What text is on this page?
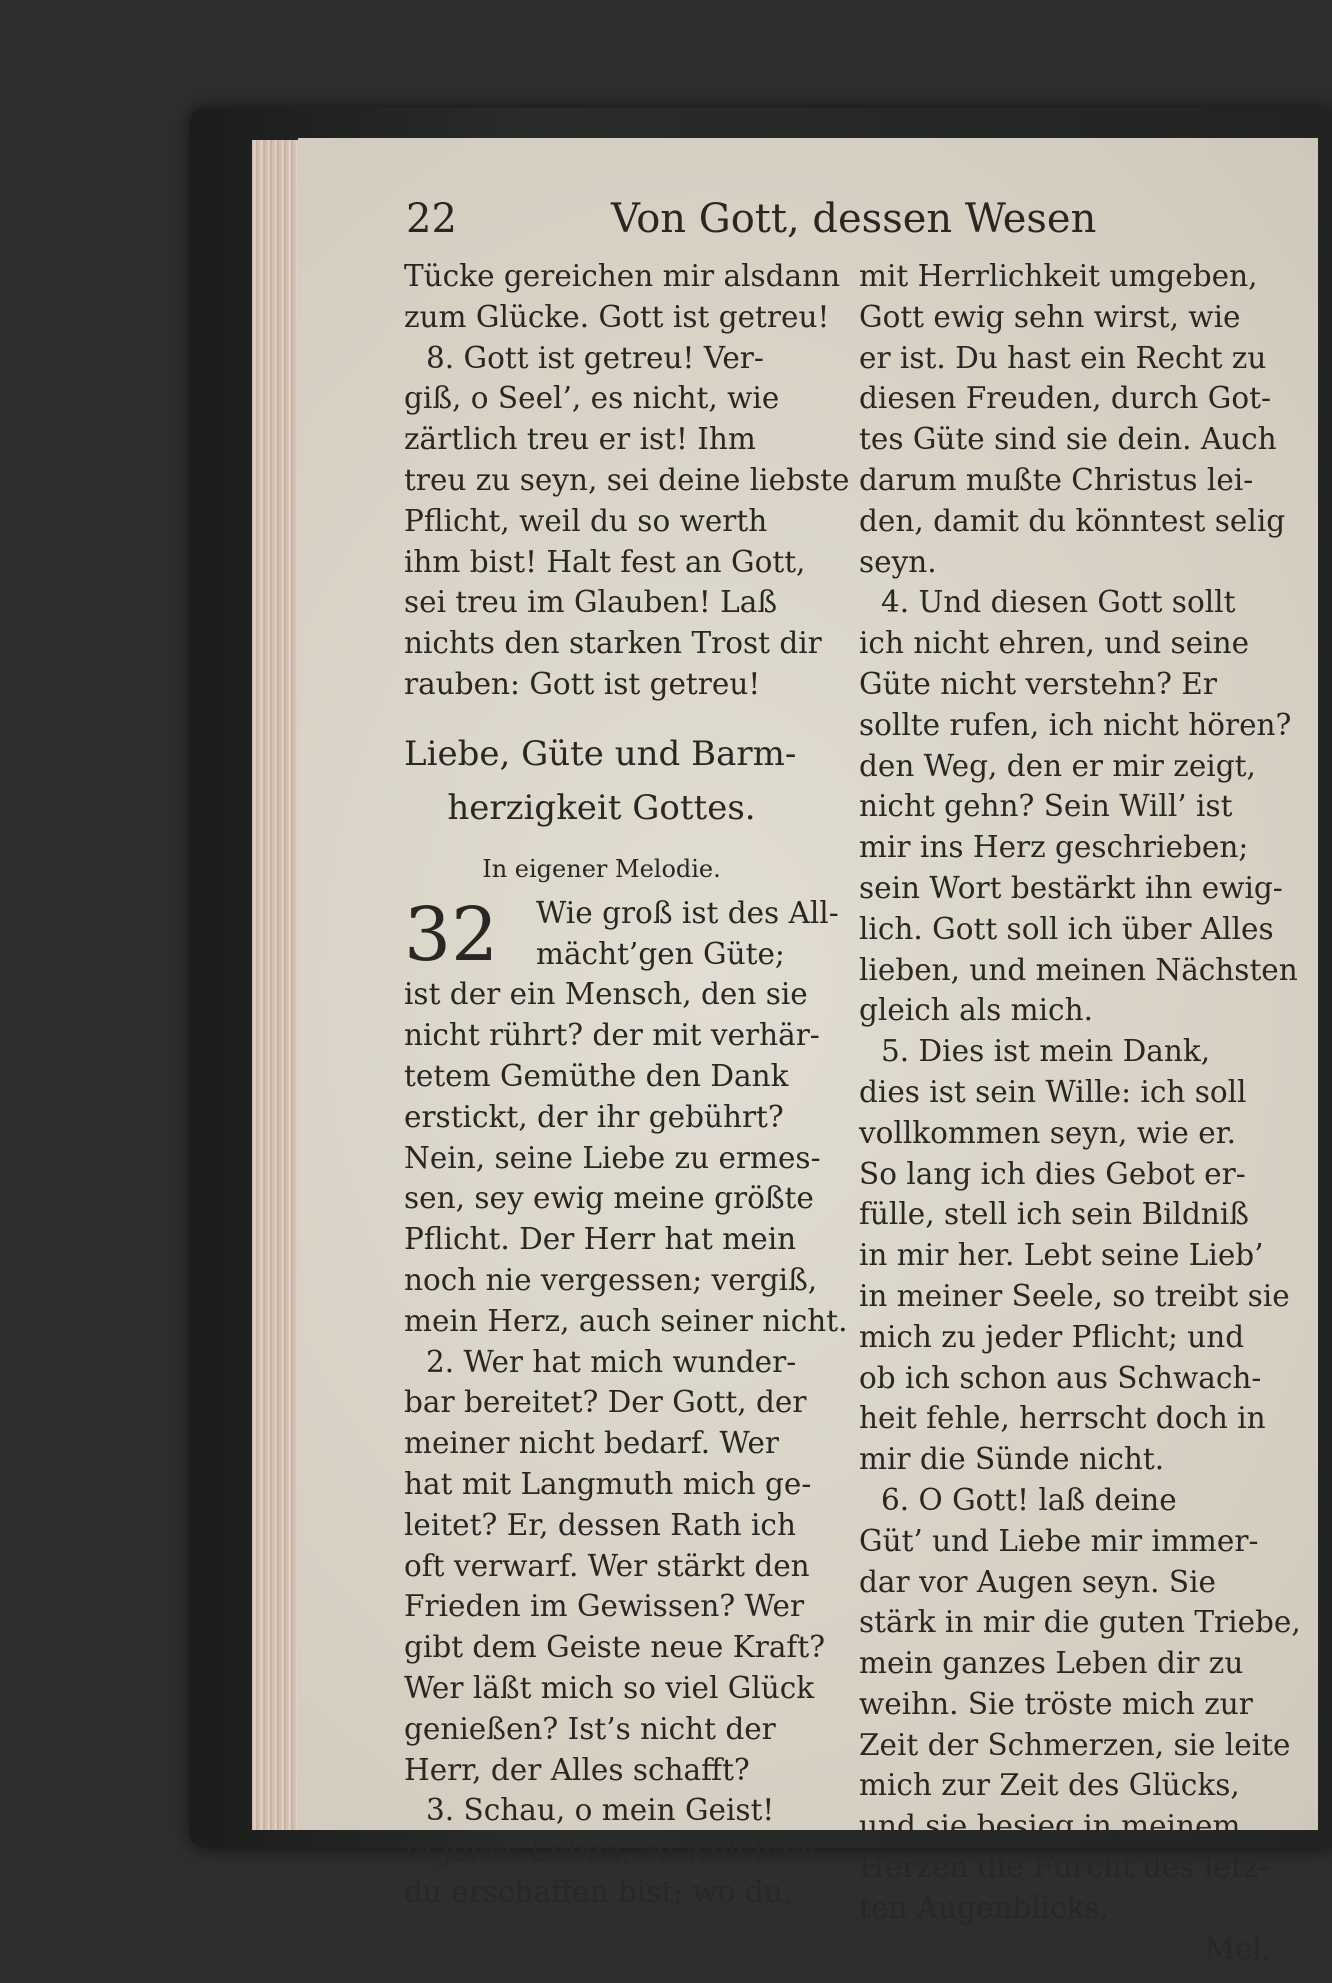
22	Von Gott, dessen Wesen

Tücke gereichen mir alsdann
zum Glücke. Gott ist getreu!

8. Gott ist getreu! Ver-
giß, o Seel’, es nicht, wie
zärtlich treu er ist! Ihm
treu zu seyn, sei deine liebste
Pflicht, weil du so werth
ihm bist! Halt fest an Gott,
sei treu im Glauben! Laß
nichts den starken Trost dir
rauben: Gott ist getreu!

Liebe, Güte und Barm-
herzigkeit Gottes.
In eigener Melodie.
32 Wie groß ist des All-
mächt’gen Güte;

ist der ein Mensch, den sie
nicht rührt? der mit verhär-
tetem Gemüthe den Dank
erstickt, der ihr gebührt?
Nein, seine Liebe zu ermes-
sen, sey ewig meine größte
Pflicht. Der Herr hat mein
noch nie vergessen; vergiß,
mein Herz, auch seiner nicht.

2. Wer hat mich wunder-
bar bereitet? Der Gott, der
meiner nicht bedarf. Wer
hat mit Langmuth mich ge-
leitet? Er, dessen Rath ich
oft verwarf. Wer stärkt den
Frieden im Gewissen? Wer
gibt dem Geiste neue Kraft?
Wer läßt mich so viel Glück
genießen? Ist’s nicht der
Herr, der Alles schafft?

3. Schau, o mein Geist!
in jenes Leben, zu welchem
du erschaffen bist; wo du,

mit Herrlichkeit umgeben,
Gott ewig sehn wirst, wie
er ist. Du hast ein Recht zu
diesen Freuden, durch Got-
tes Güte sind sie dein. Auch
darum mußte Christus lei-
den, damit du könntest selig
seyn.

4. Und diesen Gott sollt
ich nicht ehren, und seine
Güte nicht verstehn? Er
sollte rufen, ich nicht hören?
den Weg, den er mir zeigt,
nicht gehn? Sein Will’ ist
mir ins Herz geschrieben;
sein Wort bestärkt ihn ewig-
lich. Gott soll ich über Alles
lieben, und meinen Nächsten
gleich als mich.

5. Dies ist mein Dank,
dies ist sein Wille: ich soll
vollkommen seyn, wie er.
So lang ich dies Gebot er-
fülle, stell ich sein Bildniß
in mir her. Lebt seine Lieb’
in meiner Seele, so treibt sie
mich zu jeder Pflicht; und
ob ich schon aus Schwach-
heit fehle, herrscht doch in
mir die Sünde nicht.

6. O Gott! laß deine
Güt’ und Liebe mir immer-
dar vor Augen seyn. Sie
stärk in mir die guten Triebe,
mein ganzes Leben dir zu
weihn. Sie tröste mich zur
Zeit der Schmerzen, sie leite
mich zur Zeit des Glücks,
und sie besieg in meinem
Herzen die Furcht des letz-
ten Augenblicks.

Mel.
